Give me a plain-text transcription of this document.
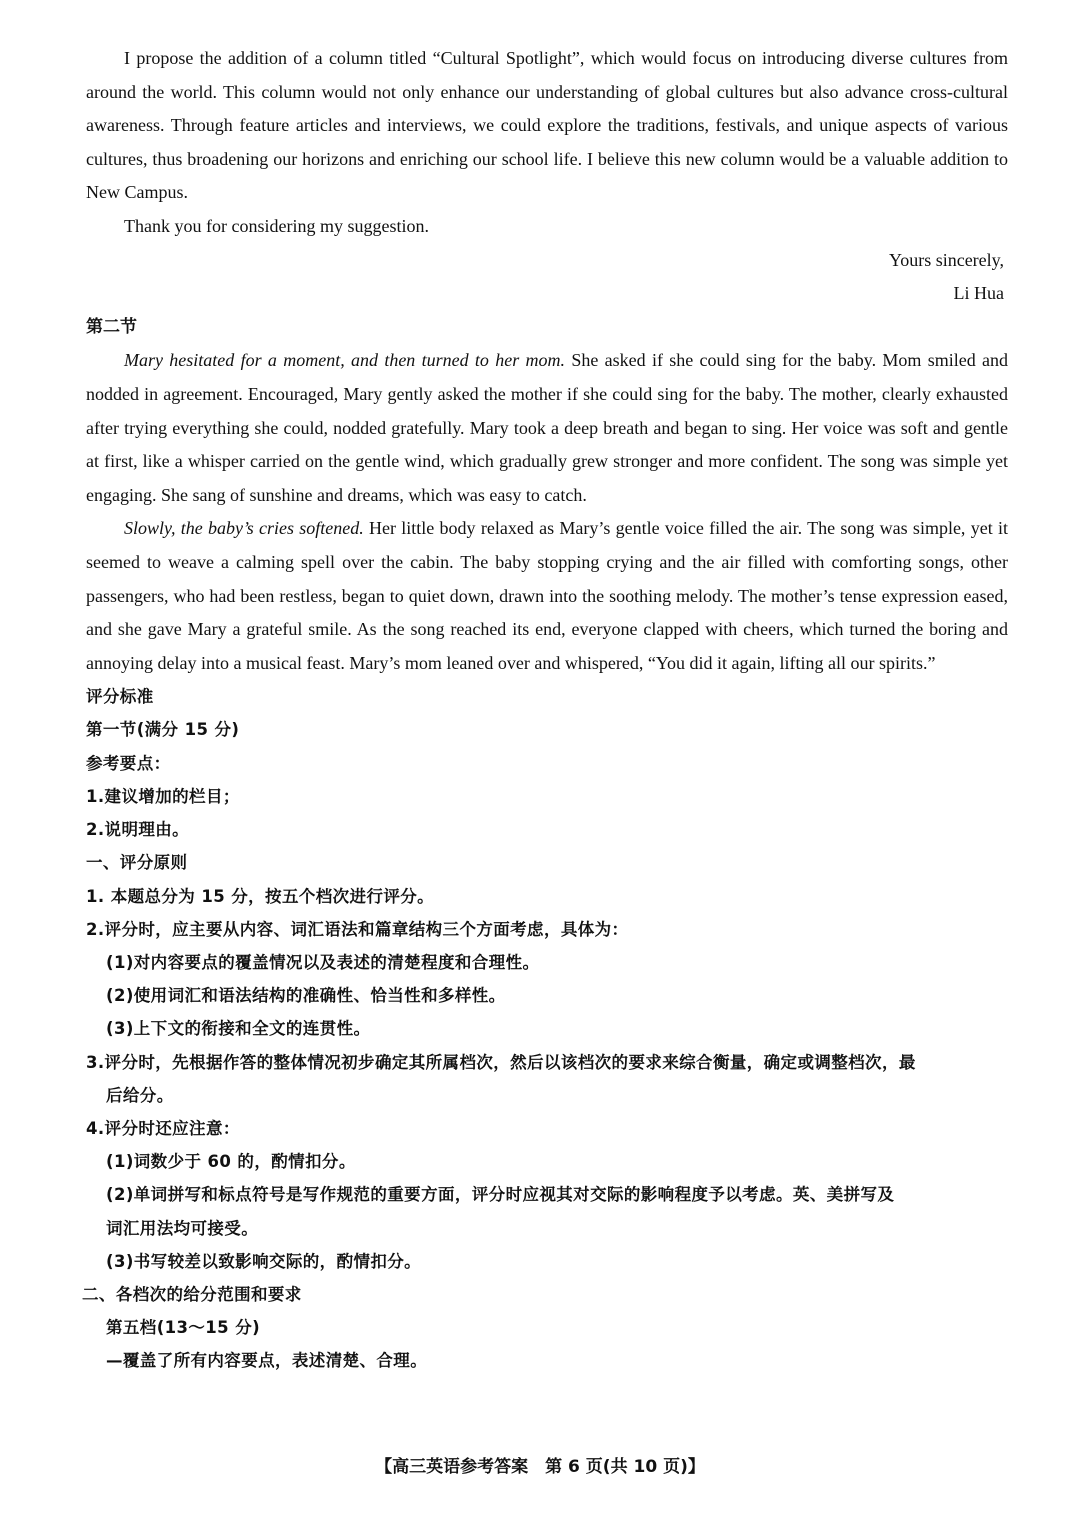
I propose the addition of a column titled “Cultural Spotlight”, which would focus on introducing diverse cultures from around the world. This column would not only enhance our understanding of global cultures but also advance cross-cultural awareness. Through feature articles and interviews, we could explore the traditions, festivals, and unique aspects of various cultures, thus broadening our horizons and enriching our school life. I believe this new column would be a valuable addition to New Campus.

Thank you for considering my suggestion.

Yours sincerely,

Li Hua

第二节

Mary hesitated for a moment, and then turned to her mom. She asked if she could sing for the baby. Mom smiled and nodded in agreement. Encouraged, Mary gently asked the mother if she could sing for the baby. The mother, clearly exhausted after trying everything she could, nodded gratefully. Mary took a deep breath and began to sing. Her voice was soft and gentle at first, like a whisper carried on the gentle wind, which gradually grew stronger and more confident. The song was simple yet engaging. She sang of sunshine and dreams, which was easy to catch.

Slowly, the baby’s cries softened. Her little body relaxed as Mary’s gentle voice filled the air. The song was simple, yet it seemed to weave a calming spell over the cabin. The baby stopping crying and the air filled with comforting songs, other passengers, who had been restless, began to quiet down, drawn into the soothing melody. The mother’s tense expression eased, and she gave Mary a grateful smile. As the song reached its end, everyone clapped with cheers, which turned the boring and annoying delay into a musical feast. Mary’s mom leaned over and whispered, “You did it again, lifting all our spirits.”

评分标准

第一节(满分 15 分)

参考要点：

1.建议增加的栏目；

2.说明理由。

一、评分原则

1. 本题总分为 15 分，按五个档次进行评分。

2.评分时，应主要从内容、词汇语法和篇章结构三个方面考虑，具体为：

(1)对内容要点的覆盖情况以及表述的清楚程度和合理性。

(2)使用词汇和语法结构的准确性、恰当性和多样性。

(3)上下文的衔接和全文的连贯性。

3.评分时，先根据作答的整体情况初步确定其所属档次，然后以该档次的要求来综合衡量，确定或调整档次，最

后给分。

4.评分时还应注意：

(1)词数少于 60 的，酌情扣分。

(2)单词拼写和标点符号是写作规范的重要方面，评分时应视其对交际的影响程度予以考虑。英、美拼写及

词汇用法均可接受。

(3)书写较差以致影响交际的，酌情扣分。

二、各档次的给分范围和要求

第五档(13～15 分)

—覆盖了所有内容要点，表述清楚、合理。

【高三英语参考答案　第 6 页(共 10 页)】
